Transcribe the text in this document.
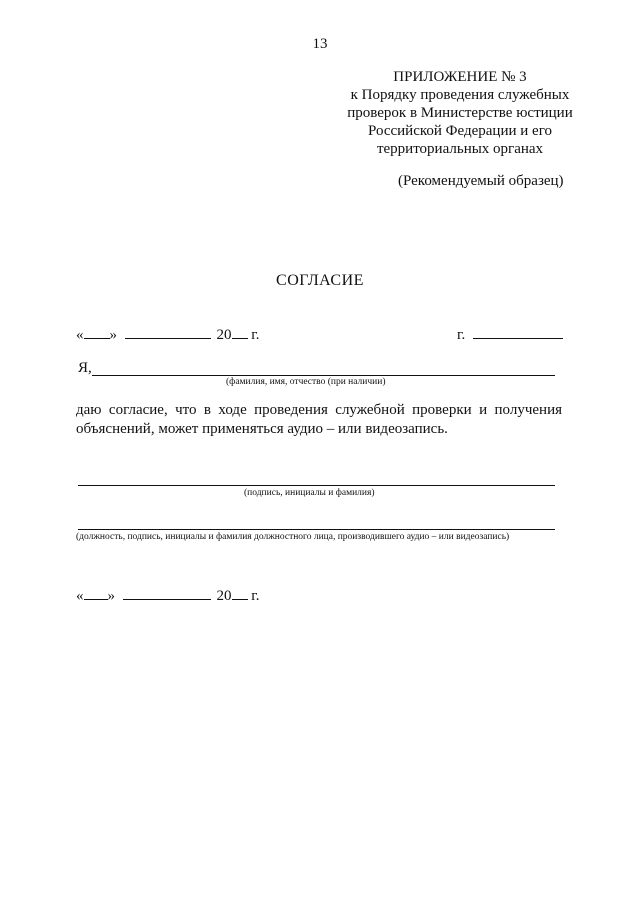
13
ПРИЛОЖЕНИЕ № 3
к Порядку проведения служебных
проверок в Министерстве юстиции
Российской Федерации и его
территориальных органах
(Рекомендуемый образец)
СОГЛАСИЕ
« »	20 г.	г.
Я,
(фамилия, имя, отчество (при наличии)
даю согласие, что в ходе проведения служебной проверки и получения объяснений, может применяться аудио – или видеозапись.
(подпись, инициалы и фамилия)
(должность, подпись, инициалы и фамилия должностного лица, производившего аудио – или видеозапись)
« »	20 г.
